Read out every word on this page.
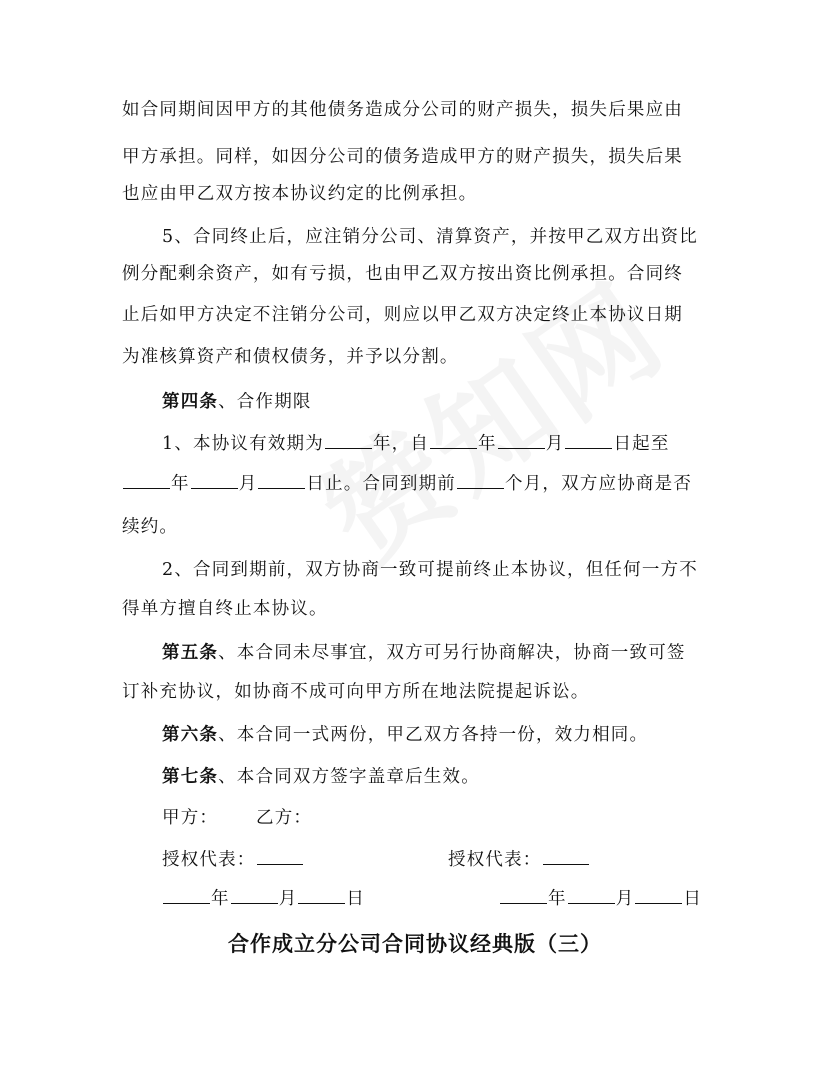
如合同期间因甲方的其他债务造成分公司的财产损失，损失后果应由
甲方承担。同样，如因分公司的债务造成甲方的财产损失，损失后果
也应由甲乙双方按本协议约定的比例承担。
5、合同终止后，应注销分公司、清算资产，并按甲乙双方出资比
例分配剩余资产，如有亏损，也由甲乙双方按出资比例承担。合同终
止后如甲方决定不注销分公司，则应以甲乙双方决定终止本协议日期
为准核算资产和债权债务，并予以分割。
第四条、合作期限
1、本协议有效期为	年，自	年	月	日起至
年	月	日止。合同到期前	个月，双方应协商是否
续约。
2、合同到期前，双方协商一致可提前终止本协议，但任何一方不
得单方擅自终止本协议。
第五条、本合同未尽事宜，双方可另行协商解决，协商一致可签
订补充协议，如协商不成可向甲方所在地法院提起诉讼。
第六条、本合同一式两份，甲乙双方各持一份，效力相同。
第七条、本合同双方签字盖章后生效。
甲方： 乙方：
授权代表：	授权代表：
年	月	日	年	月	日
合作成立分公司合同协议经典版（三）
